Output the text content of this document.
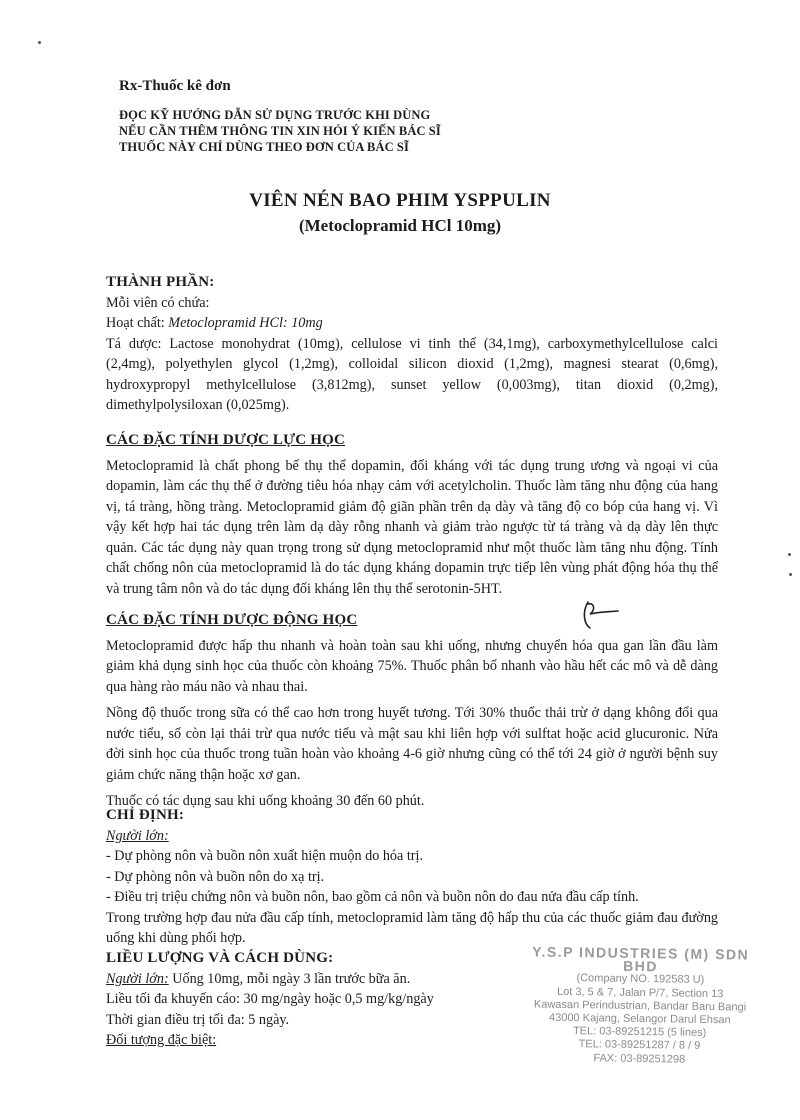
Rx-Thuốc kê đơn
ĐỌC KỸ HƯỚNG DẪN SỬ DỤNG TRƯỚC KHI DÙNG
NẾU CẦN THÊM THÔNG TIN XIN HỎI Ý KIẾN BÁC SĨ
THUỐC NÀY CHỈ DÙNG THEO ĐƠN CỦA BÁC SĨ
VIÊN NÉN BAO PHIM YSPPULIN
(Metoclopramid HCl 10mg)
THÀNH PHẦN:
Mỗi viên có chứa:
Hoạt chất: Metoclopramid HCl: 10mg

Tá dược: Lactose monohydrat (10mg), cellulose vi tinh thể (34,1mg), carboxymethylcellulose calci (2,4mg), polyethylen glycol (1,2mg), colloidal silicon dioxid (1,2mg), magnesi stearat (0,6mg), hydroxypropyl methylcellulose (3,812mg), sunset yellow (0,003mg), titan dioxid (0,2mg), dimethylpolysiloxan (0,025mg).

CÁC ĐẶC TÍNH DƯỢC LỰC HỌC

Metoclopramid là chất phong bế thụ thể dopamin, đối kháng với tác dụng trung ương và ngoại vi của dopamin, làm các thụ thể ở đường tiêu hóa nhạy cảm với acetylcholin. Thuốc làm tăng nhu động của hang vị, tá tràng, hồng tràng. Metoclopramid giảm độ giãn phần trên dạ dày và tăng độ co bóp của hang vị. Vì vậy kết hợp hai tác dụng trên làm dạ dày rỗng nhanh và giảm trào ngược từ tá tràng và dạ dày lên thực quản. Các tác dụng này quan trọng trong sử dụng metoclopramid như một thuốc làm tăng nhu động. Tính chất chống nôn của metoclopramid là do tác dụng kháng dopamin trực tiếp lên vùng phát động hóa thụ thể và trung tâm nôn và do tác dụng đối kháng lên thụ thể serotonin-5HT.

CÁC ĐẶC TÍNH DƯỢC ĐỘNG HỌC

Metoclopramid được hấp thu nhanh và hoàn toàn sau khi uống, nhưng chuyển hóa qua gan lần đầu làm giảm khả dụng sinh học của thuốc còn khoảng 75%. Thuốc phân bố nhanh vào hầu hết các mô và dễ dàng qua hàng rào máu não và nhau thai.

Nồng độ thuốc trong sữa có thể cao hơn trong huyết tương. Tới 30% thuốc thải trừ ở dạng không đổi qua nước tiểu, số còn lại thải trừ qua nước tiểu và mật sau khi liên hợp với sulftat hoặc acid glucuronic. Nửa đời sinh học của thuốc trong tuần hoàn vào khoảng 4-6 giờ nhưng cũng có thể tới 24 giờ ở người bệnh suy giảm chức năng thận hoặc xơ gan.

Thuốc có tác dụng sau khi uống khoảng 30 đến 60 phút.

CHỈ ĐỊNH:
Người lớn:
- Dự phòng nôn và buồn nôn xuất hiện muộn do hóa trị.
- Dự phòng nôn và buồn nôn do xạ trị.
- Điều trị triệu chứng nôn và buồn nôn, bao gồm cả nôn và buồn nôn do đau nửa đầu cấp tính.

Trong trường hợp đau nửa đầu cấp tính, metoclopramid làm tăng độ hấp thu của các thuốc giảm đau đường uống khi dùng phối hợp.

LIỀU LƯỢNG VÀ CÁCH DÙNG:
Người lớn: Uống 10mg, mỗi ngày 3 lần trước bữa ăn.
Liều tối đa khuyến cáo: 30 mg/ngày hoặc 0,5 mg/kg/ngày
Thời gian điều trị tối đa: 5 ngày.
Đối tượng đặc biệt:
Y.S.P INDUSTRIES (M) SDN BHD
(Company NO. 192583 U)
Lot 3, 5 & 7, Jalan P/7, Section 13
Kawasan Perindustrian, Bandar Baru Bangi
43000 Kajang, Selangor Darul Ehsan
TEL: 03-89251215 (5 lines)
TEL: 03-89251287 / 8 / 9
FAX: 03-89251298
